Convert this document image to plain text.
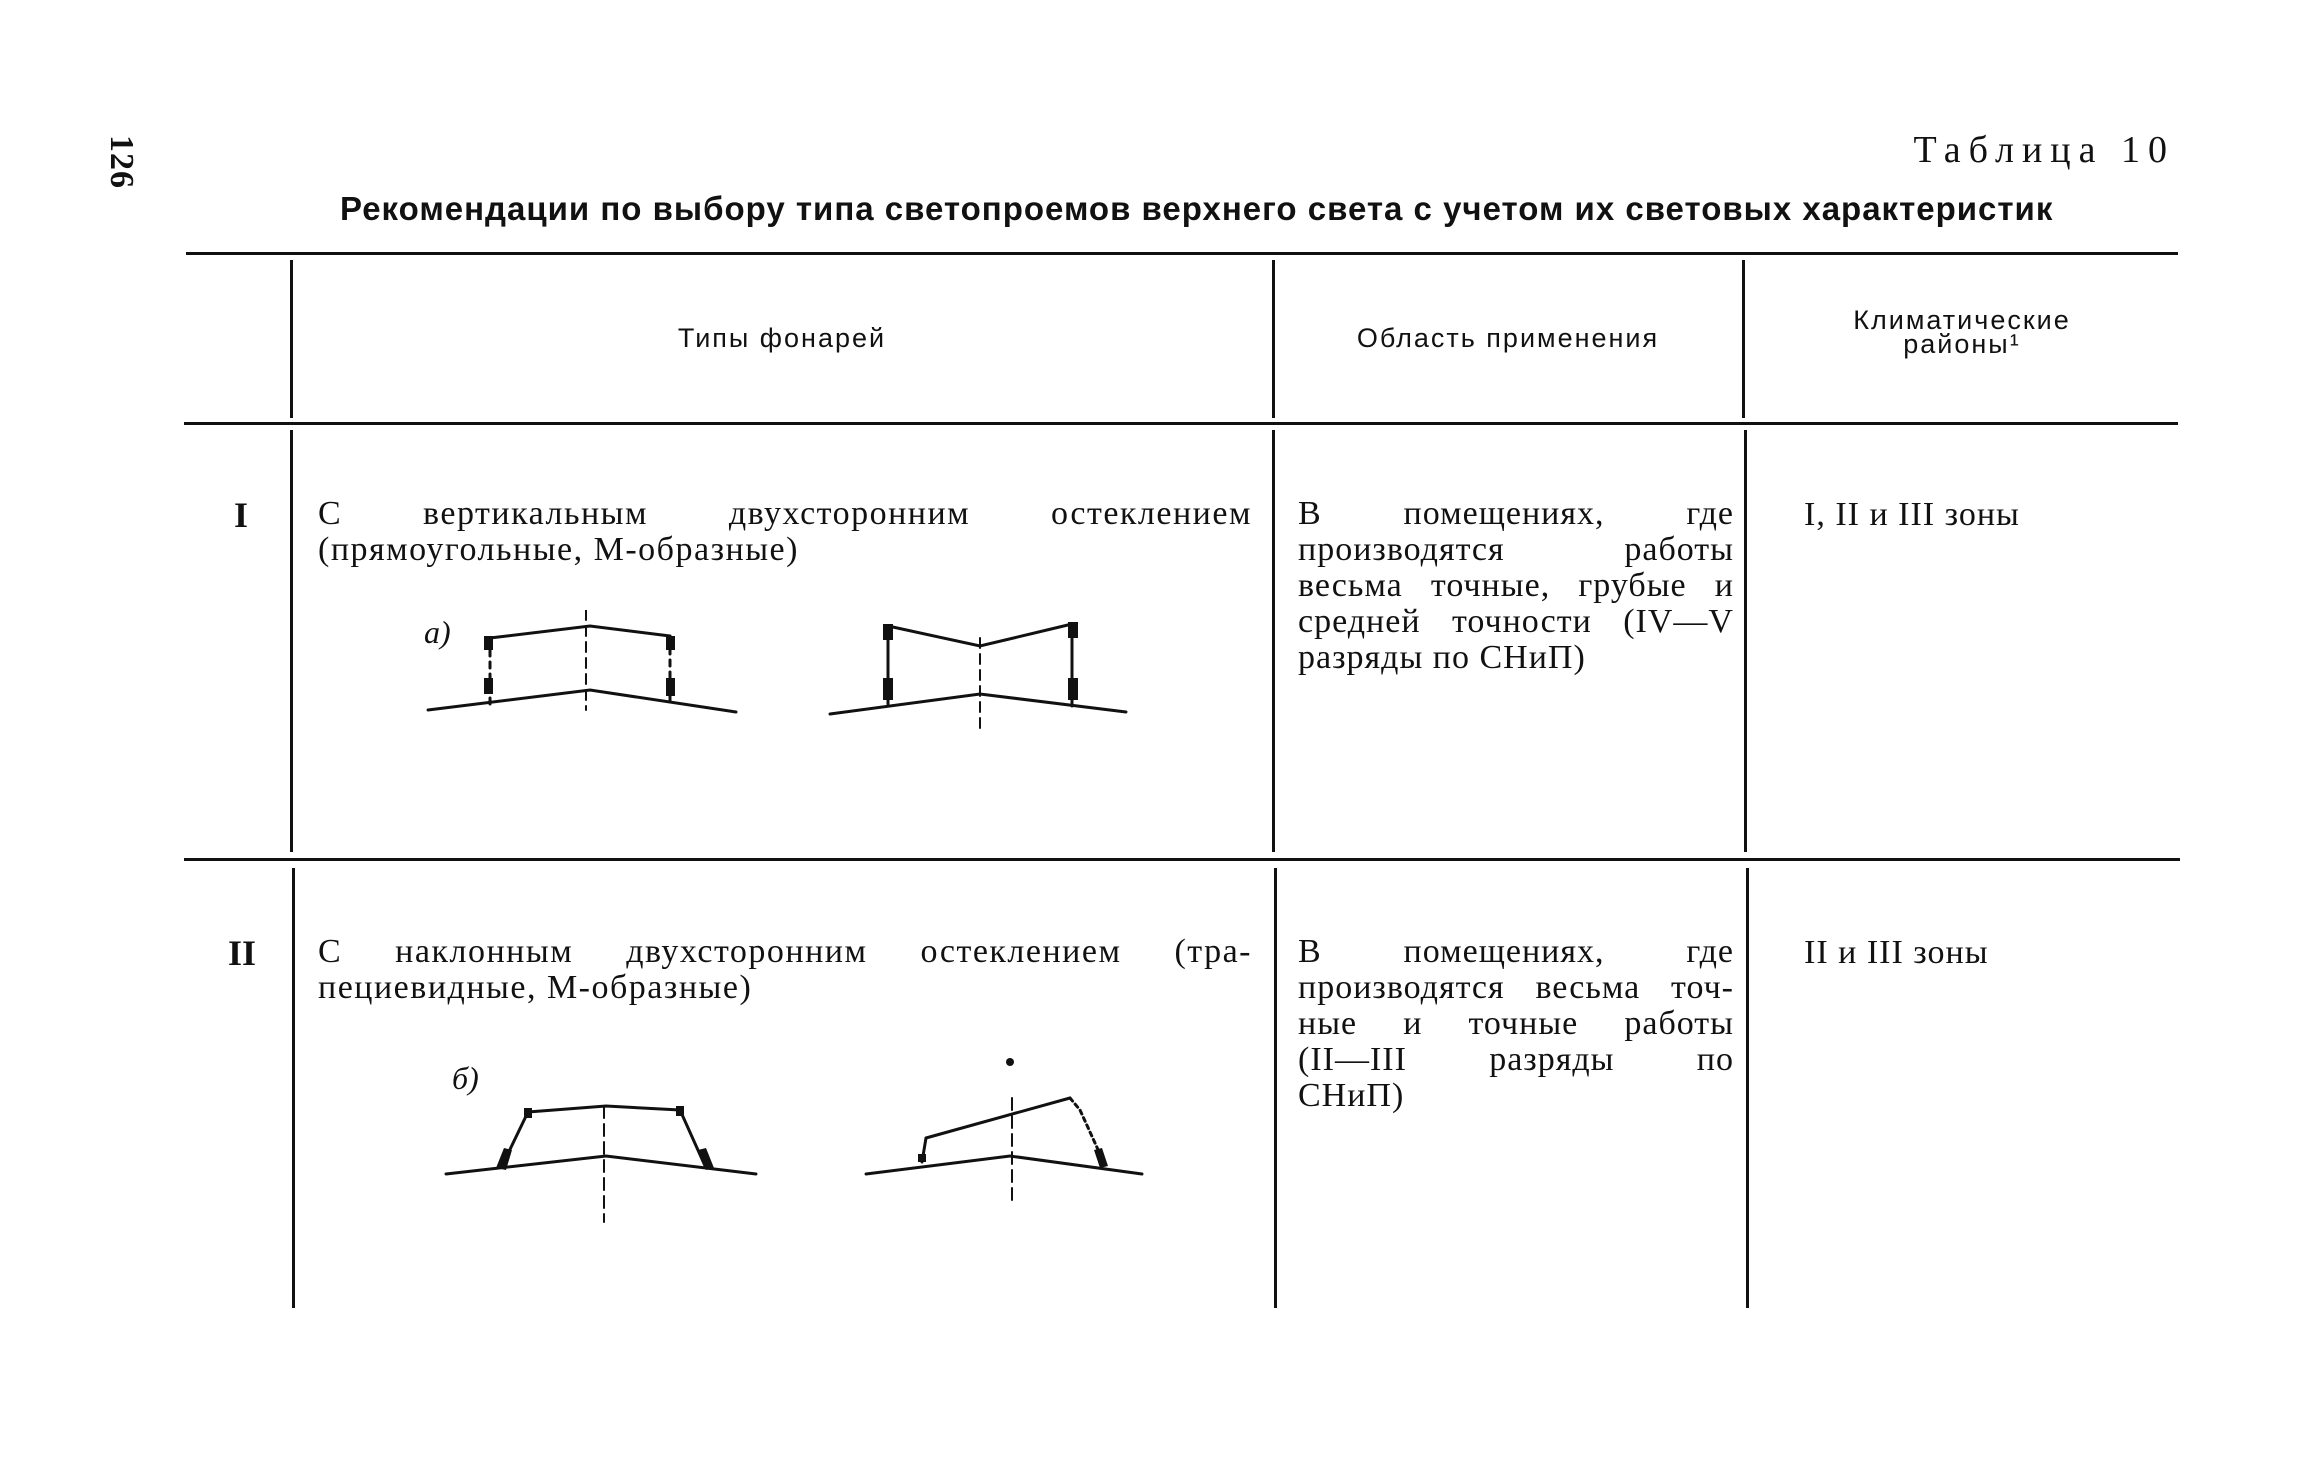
126	Таблица 10
Рекомендации по выбору типа светопроемов верхнего света с учетом их световых характеристик
Типы фонарей	Область применения
Климатические
районы¹
I С вертикальным двухсторонним остеклением
(прямоугольные, М-образные)
а)
В помещениях, где
производятся работы
весьма точные, грубые и
средней точности (IV—V
разряды по СНиП)
I, II и III зоны
II С наклонным двухсторонним остеклением (тра-
пециевидные, М-образные)
б)
В помещениях, где
производятся весьма точ-
ные и точные работы
(II—III разряды по
СНиП)
II и III зоны
